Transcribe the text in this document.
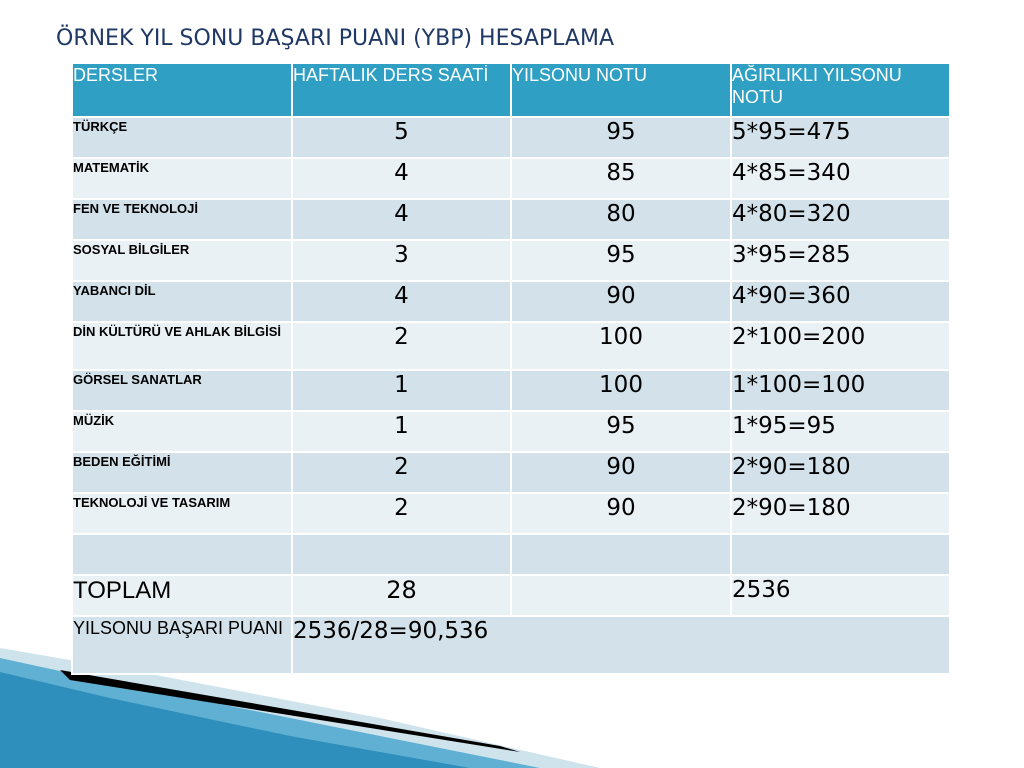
ÖRNEK YIL SONU BAŞARI PUANI (YBP) HESAPLAMA
DERSLER	HAFTALIK DERS SAATİ	YILSONU NOTU	AĞIRLIKLI YILSONU NOTU
TÜRKÇE	5	95	5*95=475
MATEMATİK	4	85	4*85=340
FEN VE TEKNOLOJİ	4	80	4*80=320
SOSYAL BİLGİLER	3	95	3*95=285
YABANCI DİL	4	90	4*90=360
DİN KÜLTÜRÜ VE AHLAK BİLGİSİ	2	100	2*100=200
GÖRSEL SANATLAR	1	100	1*100=100
MÜZİK	1	95	1*95=95
BEDEN EĞİTİMİ	2	90	2*90=180
TEKNOLOJİ VE TASARIM	2	90	2*90=180

TOPLAM	28		2536
YILSONU BAŞARI PUANI	2536/28=90,536		
